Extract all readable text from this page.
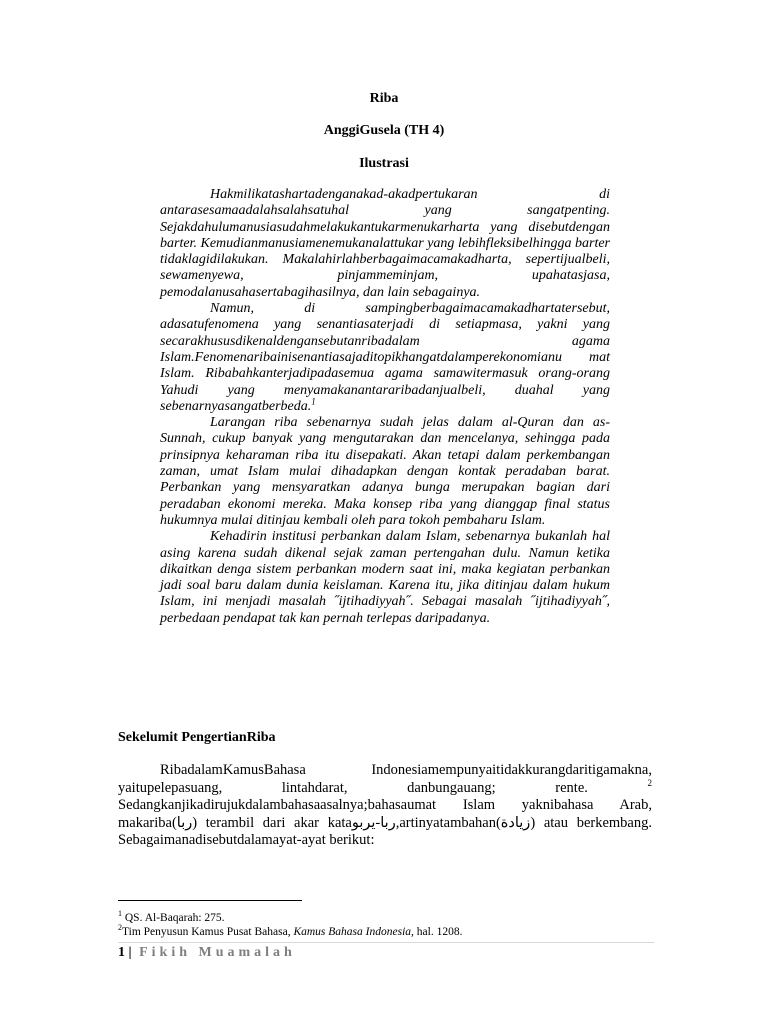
Riba
AnggiGusela (TH 4)
Ilustrasi

Hakmilikatashartadenganakad-akadpertukaran di antarasesamaadalahsalahsatuhal yang sangatpenting. Sejakdahulumanusiasudahmelakukantukarmenukarharta yang disebutdengan barter. Kemudianmanusiamenemukanalattukar yang lebihfleksibelhingga barter tidaklagidilakukan. Makalahirlahberbagaimacamakadharta, sepertijualbeli, sewamenyewa, pinjammeminjam, upahatasjasa, pemodalanusahasertabagihasilnya, dan lain sebagainya.

Namun, di sampingberbagaimacamakadhartatersebut, adasatufenomena yang senantiasaterjadi di setiapmasa, yakni yang secarakhususdikenaldengansebutanribadalam agama Islam.Fenomenaribainisenantiasajaditopikhangatdalamperekonomianu mat Islam. Ribabahkanterjadipadasemua agama samawitermasuk orang-orang Yahudi yang menyamakanantararibadanjualbeli, duahal yang sebenarnyasangatberbeda.$^1$

Larangan riba sebenarnya sudah jelas dalam al-Quran dan as-Sunnah, cukup banyak yang mengutarakan dan mencelanya, sehingga pada prinsipnya keharaman riba itu disepakati. Akan tetapi dalam perkembangan zaman, umat Islam mulai dihadapkan dengan kontak peradaban barat. Perbankan yang mensyaratkan adanya bunga merupakan bagian dari peradaban ekonomi mereka. Maka konsep riba yang dianggap final status hukumnya mulai ditinjau kembali oleh para tokoh pembaharu Islam.

Kehadirin institusi perbankan dalam Islam, sebenarnya bukanlah hal asing karena sudah dikenal sejak zaman pertengahan dulu. Namun ketika dikaitkan denga sistem perbankan modern saat ini, maka kegiatan perbankan jadi soal baru dalam dunia keislaman. Karena itu, jika ditinjau dalam hukum Islam, ini menjadi masalah ˝ijtihadiyyah˝. Sebagai masalah ˝ijtihadiyyah˝, perbedaan pendapat tak kan pernah terlepas daripadanya.

Sekelumit PengertianRiba

RibadalamKamusBahasa Indonesiamempunyaitidakkurangdaritigamakna, yaitupelepasuang, lintahdarat, danbungauang; rente.	$^2$ Sedangkanjikadirujukdalambahasaasalnya;bahasaumat Islam yaknibahasa Arab, makariba(ربا) terambil dari akar kataربا-يربو,artinyatambahan(زيادة) atau berkembang. Sebagaimanadisebutdalamayat-ayat berikut:

$^1$ QS. Al-Baqarah: 275.
$^2$Tim Penyusun Kamus Pusat Bahasa, Kamus Bahasa Indonesia, hal. 1208.
1 | Fikih Muamalah
